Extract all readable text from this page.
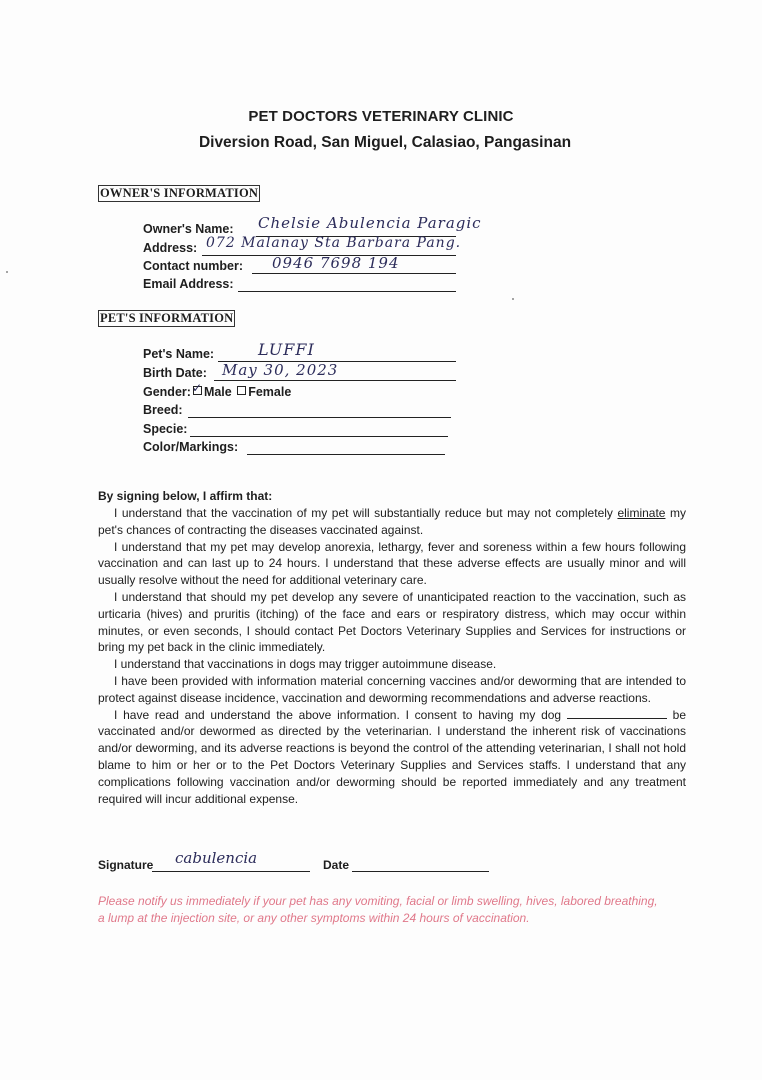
PET DOCTORS VETERINARY CLINIC
Diversion Road, San Miguel, Calasiao, Pangasinan
OWNER'S INFORMATION
Owner's Name: Chelsie Abulencia Paragic
Address: 072 Malanay Sta Barbara Pang.
Contact number: 0946 7698 194
Email Address:
PET'S INFORMATION
Pet's Name:	LUFFI
Birth Date: May 30, 2023
Gender: ✓ Male Female
Breed:
Specie:
Color/Markings:
By signing below, I affirm that:

I understand that the vaccination of my pet will substantially reduce but may not completely eliminate my pet's chances of contracting the diseases vaccinated against.

I understand that my pet may develop anorexia, lethargy, fever and soreness within a few hours following vaccination and can last up to 24 hours. I understand that these adverse effects are usually minor and will usually resolve without the need for additional veterinary care.

I understand that should my pet develop any severe of unanticipated reaction to the vaccination, such as urticaria (hives) and pruritis (itching) of the face and ears or respiratory distress, which may occur within minutes, or even seconds, I should contact Pet Doctors Veterinary Supplies and Services for instructions or bring my pet back in the clinic immediately.

I understand that vaccinations in dogs may trigger autoimmune disease.

I have been provided with information material concerning vaccines and/or deworming that are intended to protect against disease incidence, vaccination and deworming recommendations and adverse reactions.

I have read and understand the above information. I consent to having my dog	be vaccinated and/or dewormed as directed by the veterinarian. I understand the inherent risk of vaccinations and/or deworming, and its adverse reactions is beyond the control of the attending veterinarian, I shall not hold blame to him or her or to the Pet Doctors Veterinary Supplies and Services staffs. I understand that any complications following vaccination and/or deworming should be reported immediately and any treatment required will incur additional expense.

Signature cabulencia	Date
Please notify us immediately if your pet has any vomiting, facial or limb swelling, hives, labored breathing, a lump at the injection site, or any other symptoms within 24 hours of vaccination.
